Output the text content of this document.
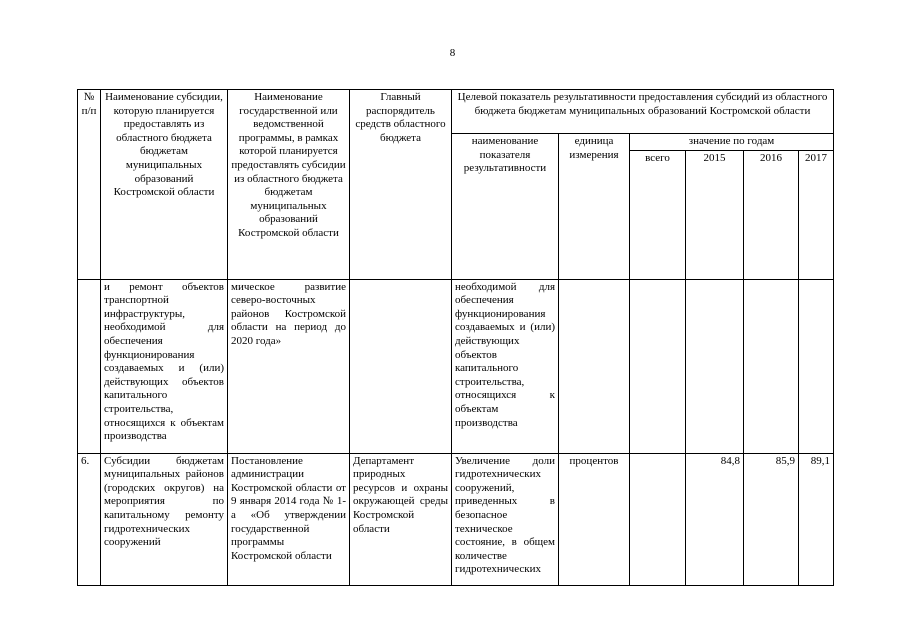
8
№ п/п	Наименование субсидии, которую планируется предоставлять из областного бюджета бюджетам муниципальных образований Костромской области	Наименование государственной или ведомственной программы, в рамках которой планируется предоставлять субсидии из областного бюджета бюджетам муниципальных образований Костромской области	Главный распорядитель средств областного бюджета	Целевой показатель результативности предоставления субсидий из областного бюджета бюджетам муниципальных образований Костромской области					
				наименование показателя результативности	единица измерения	значение по годам			
						всего	2015	2016	2017
	и ремонт объектов транспортной инфраструктуры, необходимой для обеспечения функционирования создаваемых и (или) действующих объектов капитального строительства, относящихся к объектам производства	мическое развитие северо-восточных районов Костромской области на период до 2020 года»		необходимой для обеспечения функционирования создаваемых и (или) действующих объектов капитального строительства, относящихся к объектам производства					
6.	Субсидии бюджетам муниципальных районов (городских округов) на мероприятия по капитальному ремонту гидротехнических сооружений	Постановление администрации Костромской области от 9 января 2014 года № 1-а «Об утверждении государственной программы Костромской области	Департамент природных ресурсов и охраны окружающей среды Костромской области	Увеличение доли гидротехнических сооружений, приведенных в безопасное техническое состояние, в общем количестве гидротехнических	процентов		84,8	85,9	89,1
